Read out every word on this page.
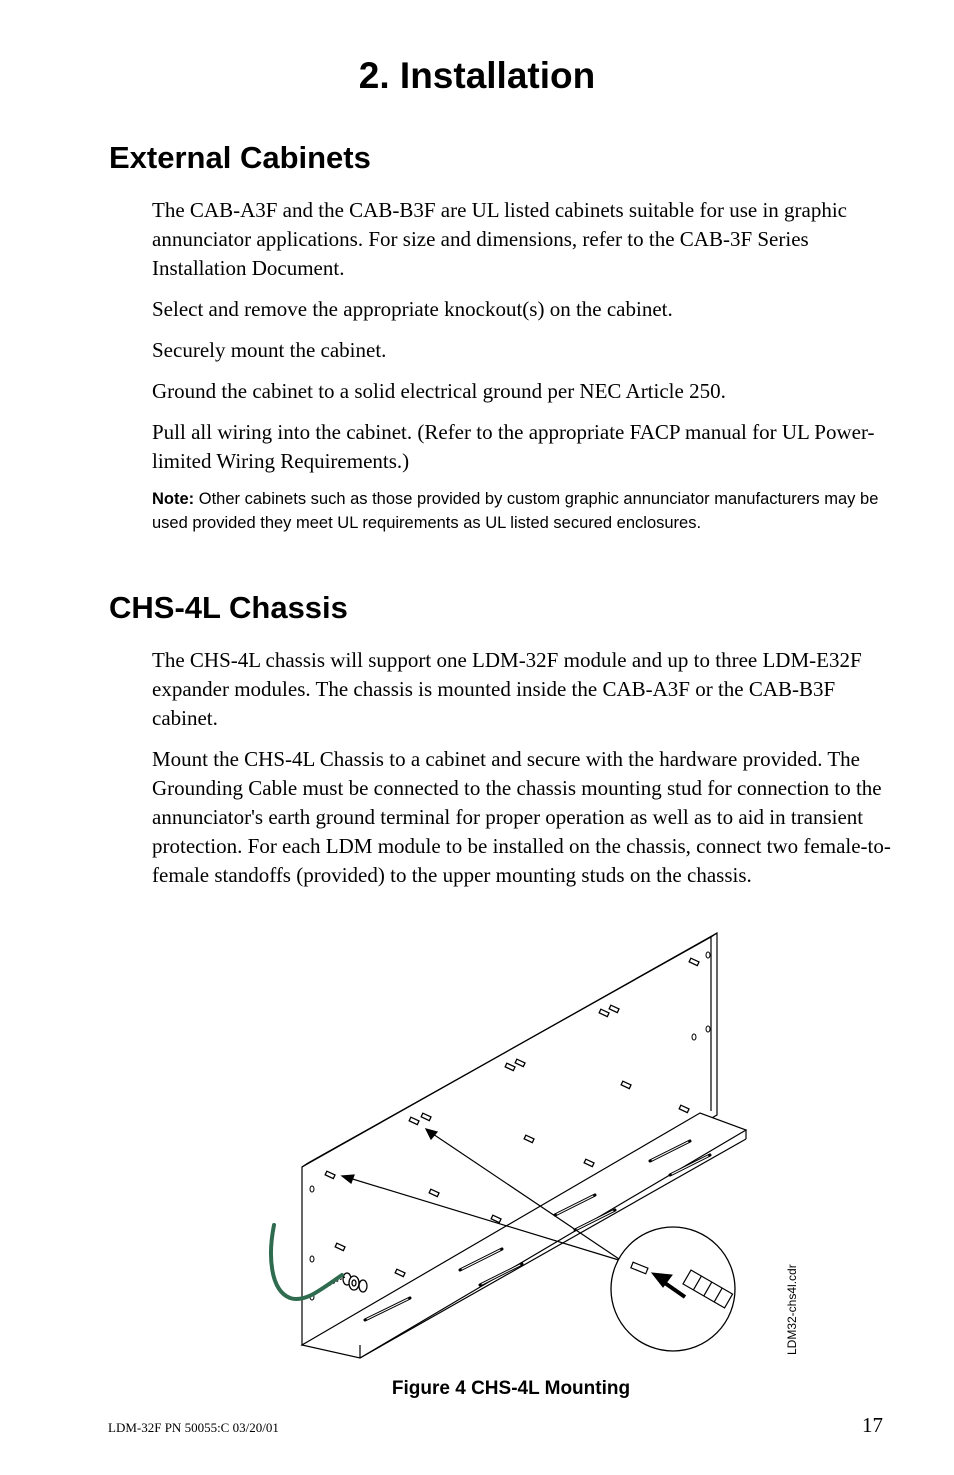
2. Installation
External Cabinets

The CAB-A3F and the CAB-B3F are UL listed cabinets suitable for use in graphic annunciator applications. For size and dimensions, refer to the CAB-3F Series Installation Document.

Select and remove the appropriate knockout(s) on the cabinet.

Securely mount the cabinet.

Ground the cabinet to a solid electrical ground per NEC Article 250.

Pull all wiring into the cabinet. (Refer to the appropriate FACP manual for UL Power-limited Wiring Requirements.)

Note: Other cabinets such as those provided by custom graphic annunciator manufacturers may be used provided they meet UL requirements as UL listed secured enclosures.

CHS-4L Chassis

The CHS-4L chassis will support one LDM-32F module and up to three LDM-E32F expander modules. The chassis is mounted inside the CAB-A3F or the CAB-B3F cabinet.

Mount the CHS-4L Chassis to a cabinet and secure with the hardware provided. The Grounding Cable must be connected to the chassis mounting stud for connection to the annunciator's earth ground terminal for proper operation as well as to aid in transient protection. For each LDM module to be installed on the chassis, connect two female-to-female standoffs (provided) to the upper mounting studs on the chassis.

LDM32-chs4l.cdr

Figure 4 CHS-4L Mounting

LDM-32F PN 50055:C 03/20/01	17
